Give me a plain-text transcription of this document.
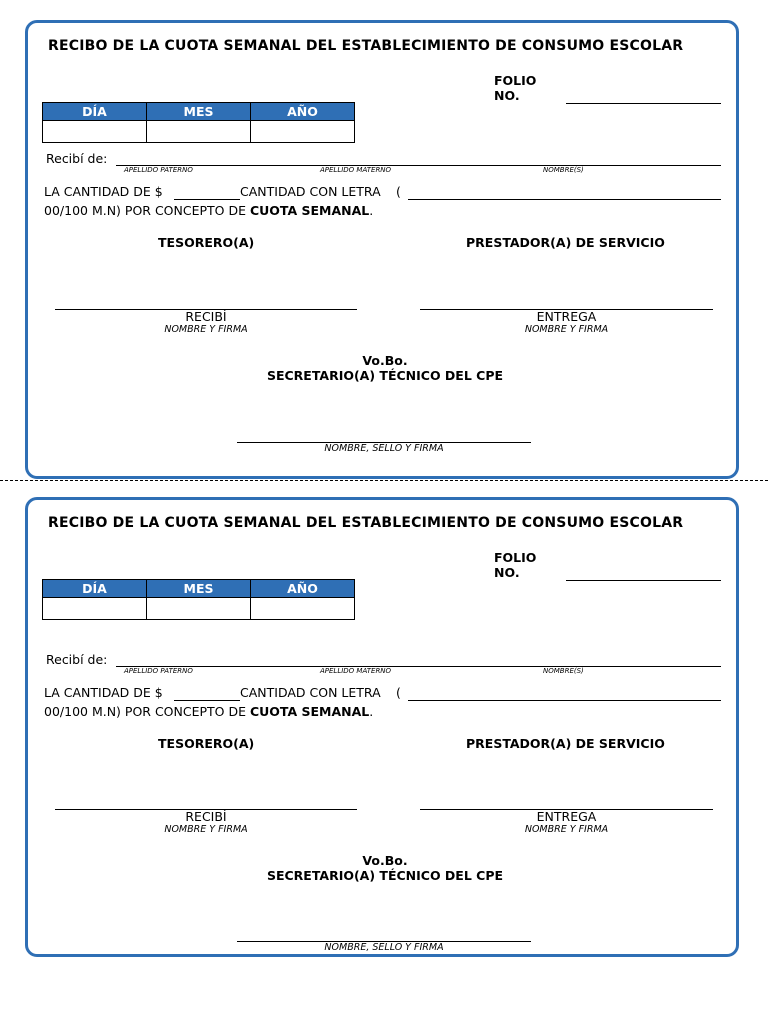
RECIBO DE LA CUOTA SEMANAL DEL ESTABLECIMIENTO DE CONSUMO ESCOLAR
FOLIO
NO.
DÍA	MES	AÑO

Recibí de:
APELLIDO PATERNO	APELLIDO MATERNO	NOMBRE(S)
LA CANTIDAD DE $	CANTIDAD CON LETRA (
00/100 M.N) POR CONCEPTO DE CUOTA SEMANAL.
TESORERO(A)	PRESTADOR(A) DE SERVICIO
RECIBÍ
NOMBRE Y FIRMA
ENTREGA
NOMBRE Y FIRMA
Vo.Bo.
SECRETARIO(A) TÉCNICO DEL CPE
NOMBRE, SELLO Y FIRMA
RECIBO DE LA CUOTA SEMANAL DEL ESTABLECIMIENTO DE CONSUMO ESCOLAR
FOLIO
NO.
DÍA	MES	AÑO

Recibí de:
APELLIDO PATERNO	APELLIDO MATERNO	NOMBRE(S)
LA CANTIDAD DE $	CANTIDAD CON LETRA (
00/100 M.N) POR CONCEPTO DE CUOTA SEMANAL.
TESORERO(A)	PRESTADOR(A) DE SERVICIO
RECIBÍ
NOMBRE Y FIRMA
ENTREGA
NOMBRE Y FIRMA
Vo.Bo.
SECRETARIO(A) TÉCNICO DEL CPE
NOMBRE, SELLO Y FIRMA
